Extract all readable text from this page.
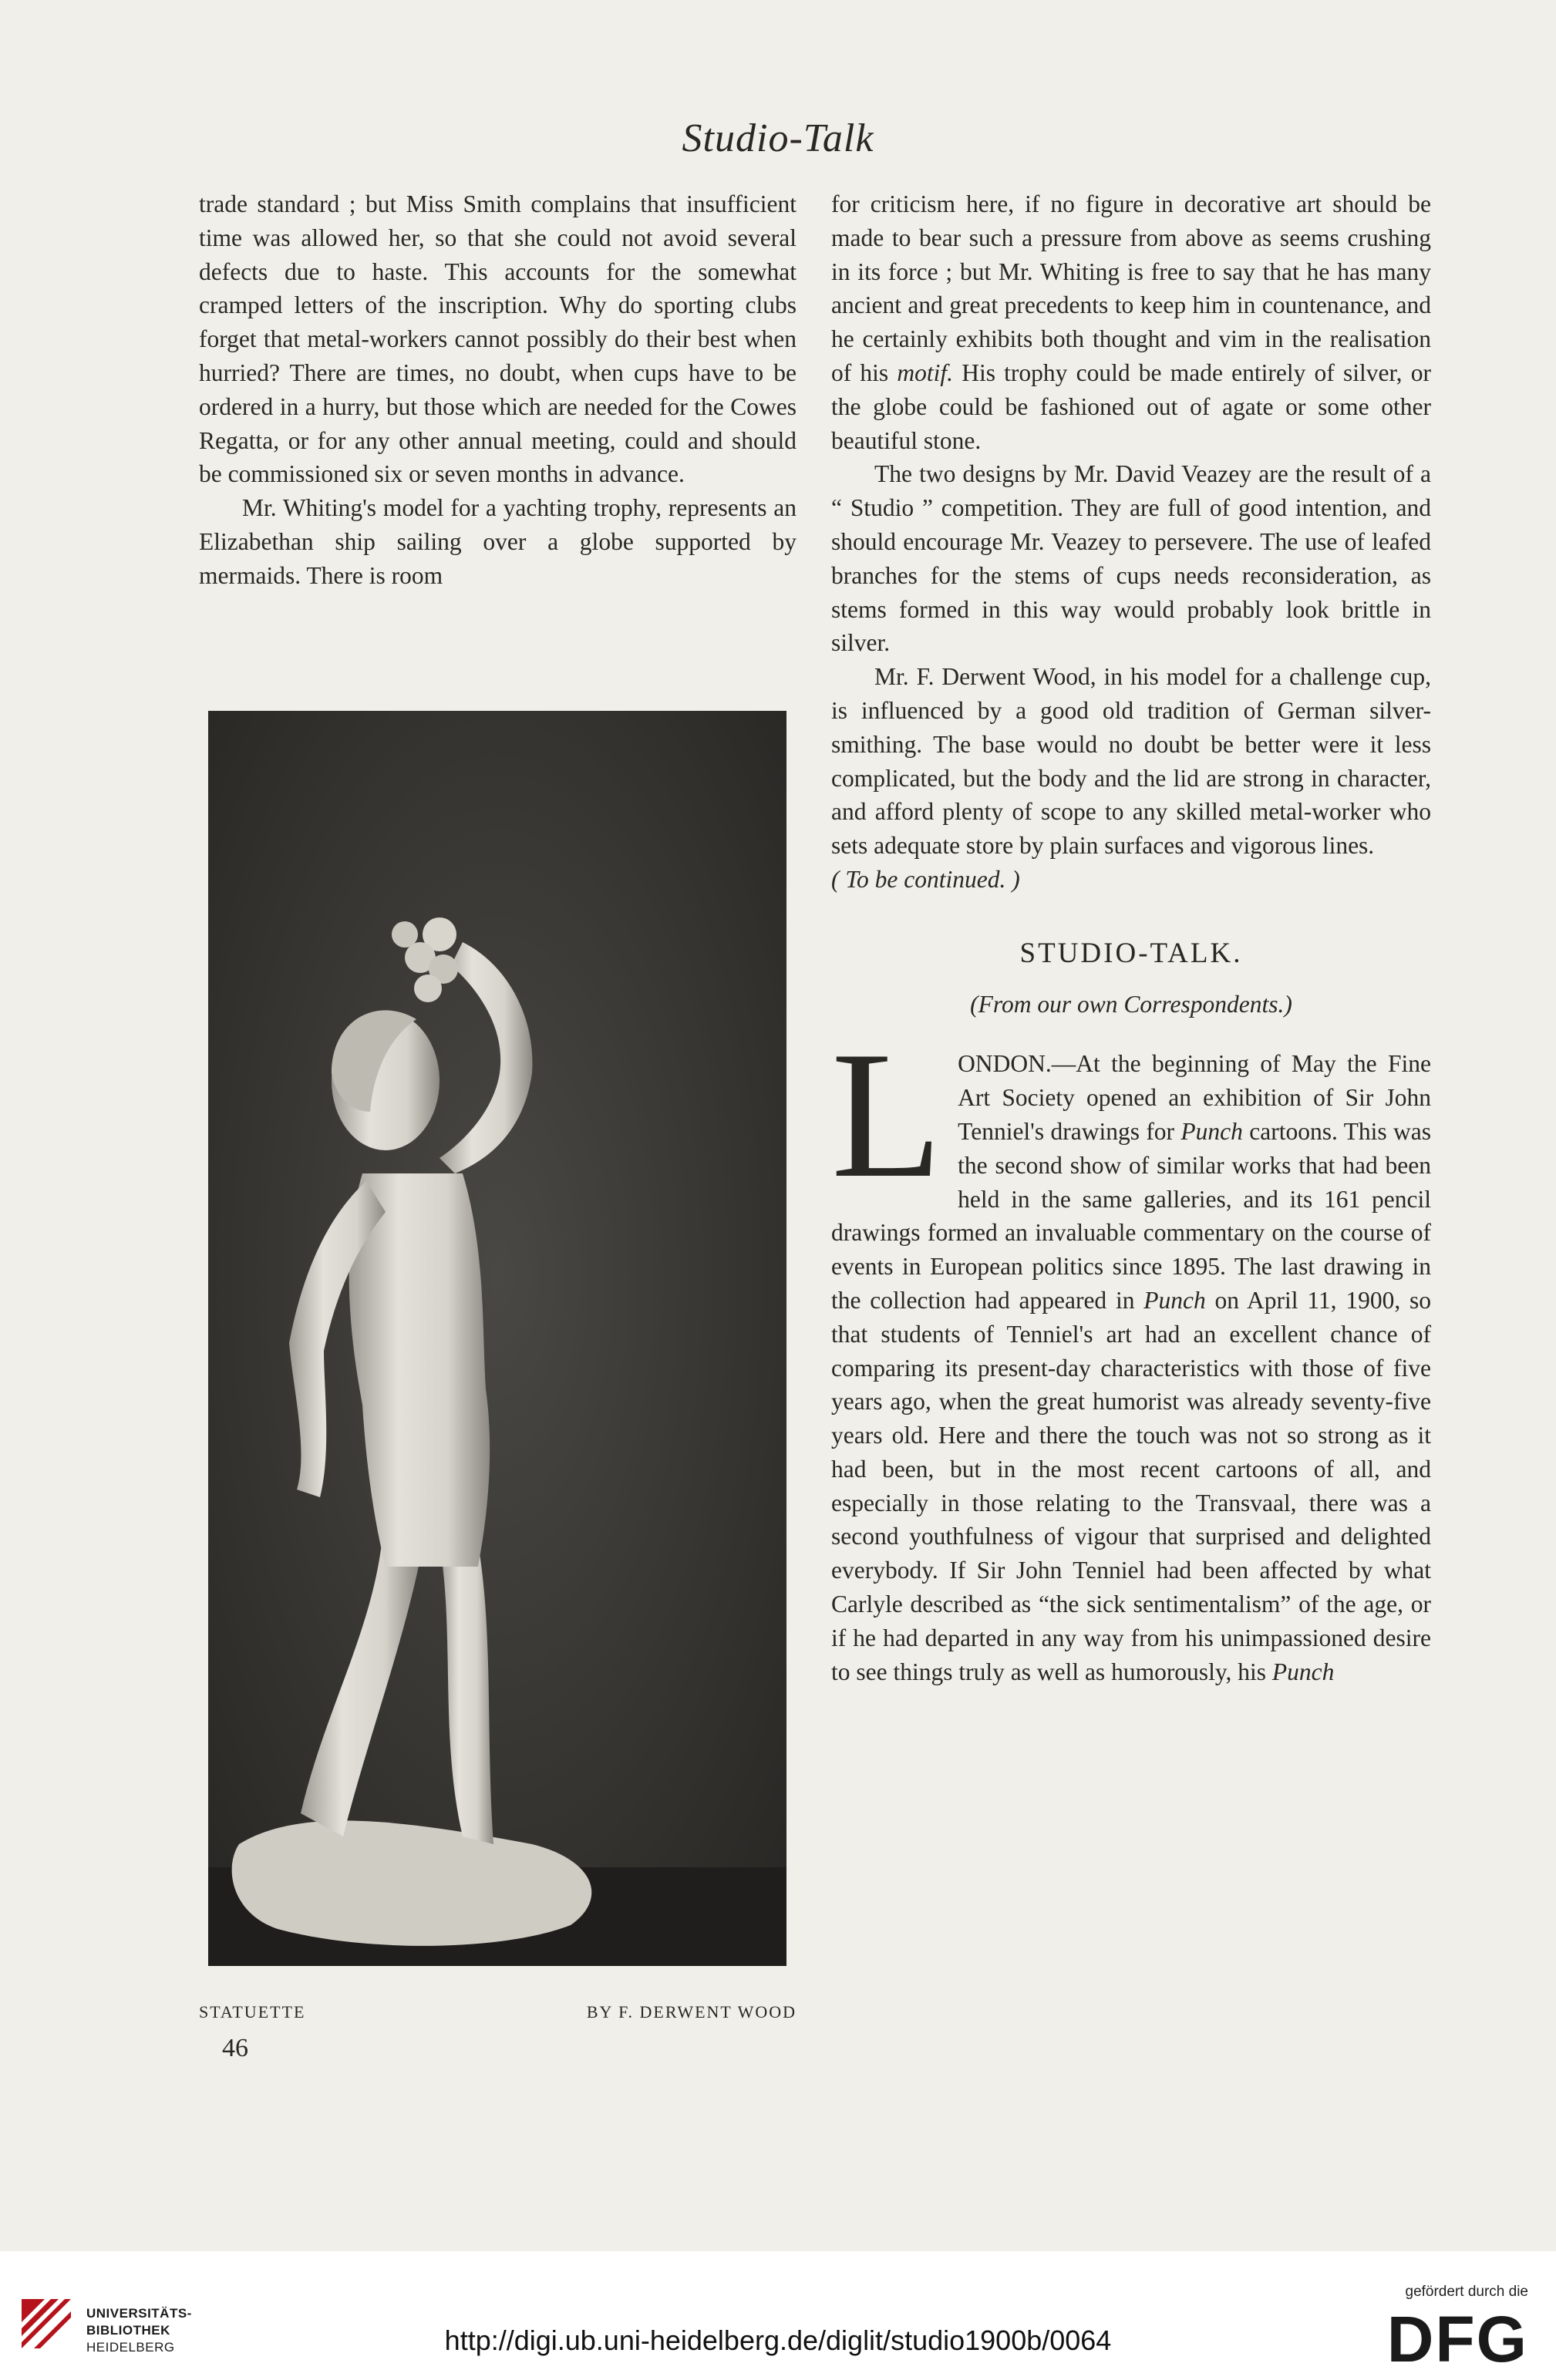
Studio-Talk

trade standard ; but Miss Smith complains that insufficient time was allowed her, so that she could not avoid several defects due to haste. This accounts for the somewhat cramped letters of the inscription. Why do sporting clubs forget that metal-workers cannot possibly do their best when hurried? There are times, no doubt, when cups have to be ordered in a hurry, but those which are needed for the Cowes Regatta, or for any other annual meeting, could and should be commissioned six or seven months in advance.

Mr. Whiting's model for a yachting trophy, represents an Elizabethan ship sailing over a globe supported by mermaids. There is room

STATUETTE	BY F. DERWENT WOOD
46

for criticism here, if no figure in decorative art should be made to bear such a pressure from above as seems crushing in its force ; but Mr. Whiting is free to say that he has many ancient and great precedents to keep him in countenance, and he certainly exhibits both thought and vim in the realisation of his motif. His trophy could be made entirely of silver, or the globe could be fashioned out of agate or some other beautiful stone.

The two designs by Mr. David Veazey are the result of a “ Studio ” competition. They are full of good intention, and should encourage Mr. Veazey to persevere. The use of leafed branches for the stems of cups needs reconsideration, as stems formed in this way would probably look brittle in silver.

Mr. F. Derwent Wood, in his model for a challenge cup, is influenced by a good old tradition of German silver-smithing. The base would no doubt be better were it less complicated, but the body and the lid are strong in character, and afford plenty of scope to any skilled metal-worker who sets adequate store by plain surfaces and vigorous lines.

( To be continued. )

STUDIO-TALK.
(From our own Correspondents.)

LONDON.—At the beginning of May the Fine Art Society opened an exhibition of Sir John Tenniel's drawings for Punch cartoons. This was the second show of similar works that had been held in the same galleries, and its 161 pencil drawings formed an invaluable commentary on the course of events in European politics since 1895. The last drawing in the collection had appeared in Punch on April 11, 1900, so that students of Tenniel's art had an excellent chance of comparing its present-day characteristics with those of five years ago, when the great humorist was already seventy-five years old. Here and there the touch was not so strong as it had been, but in the most recent cartoons of all, and especially in those relating to the Transvaal, there was a second youthfulness of vigour that surprised and delighted everybody. If Sir John Tenniel had been affected by what Carlyle described as “the sick sentimentalism” of the age, or if he had departed in any way from his unimpassioned desire to see things truly as well as humorously, his Punch

UNIVERSITÄTS-
BIBLIOTHEK
HEIDELBERG	http://digi.ub.uni-heidelberg.de/diglit/studio1900b/0064
gefördert durch die
DFG
